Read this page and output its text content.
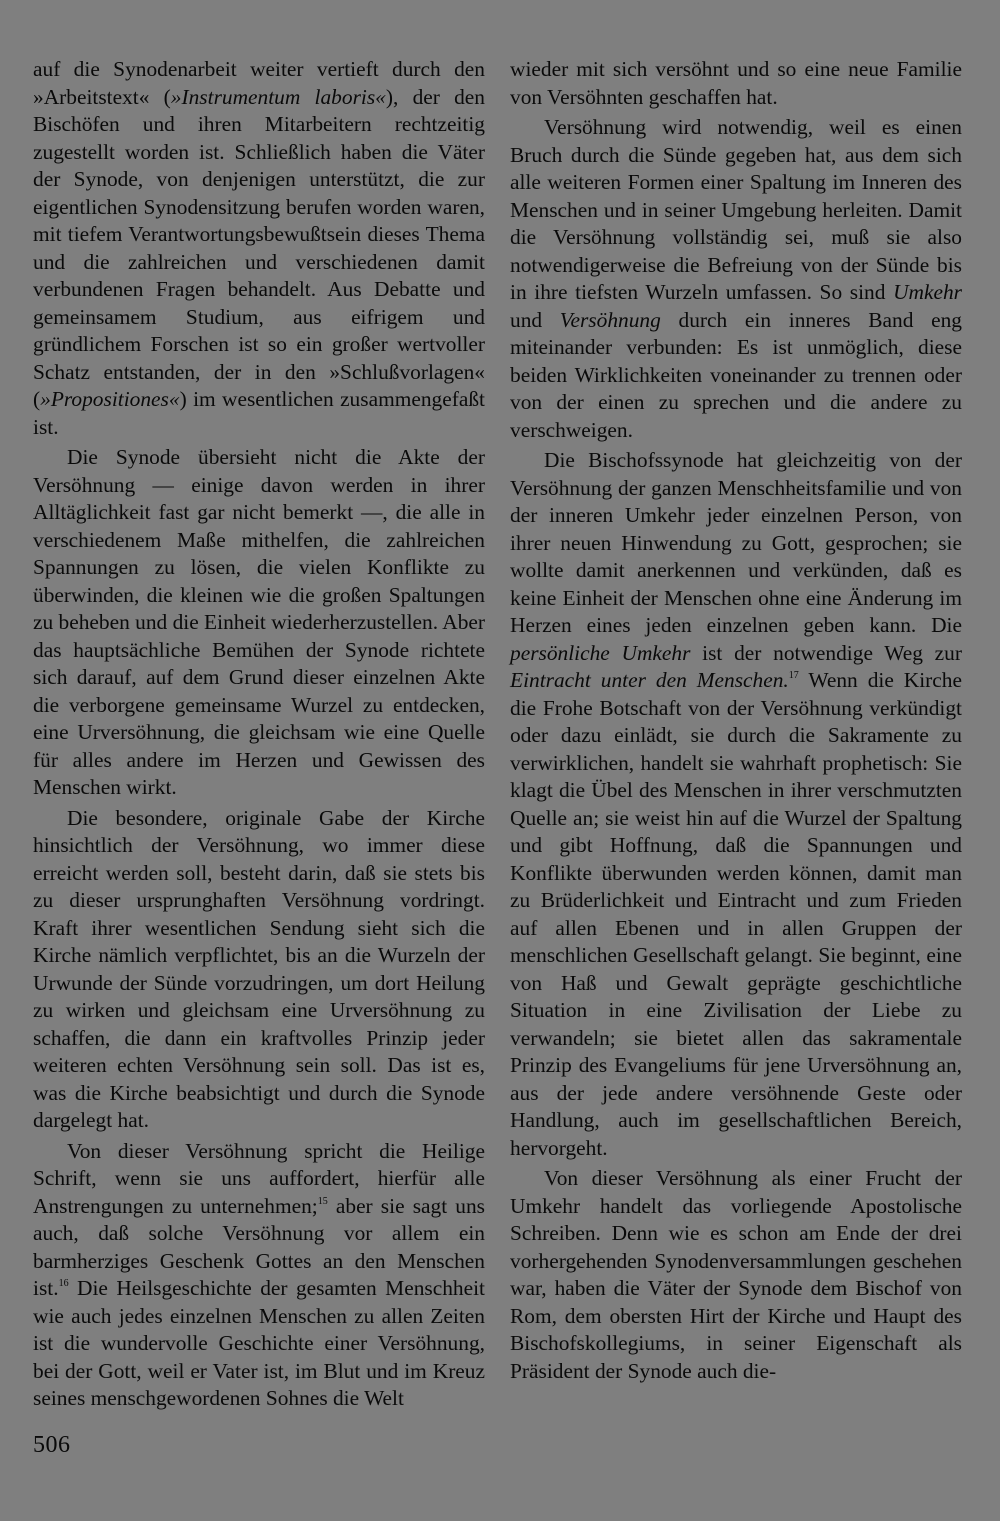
auf die Synodenarbeit weiter vertieft durch den »Arbeitstext« (»Instrumentum laboris«), der den Bischöfen und ihren Mitarbeitern rechtzeitig zugestellt worden ist. Schließlich haben die Väter der Synode, von denjenigen unterstützt, die zur eigentlichen Synodensitzung berufen worden waren, mit tiefem Verantwortungsbewußtsein dieses Thema und die zahlreichen und verschiedenen damit verbundenen Fragen behandelt. Aus Debatte und gemeinsamem Studium, aus eifrigem und gründlichem Forschen ist so ein großer wertvoller Schatz entstanden, der in den »Schlußvorlagen« (»Propositiones«) im wesentlichen zusammengefaßt ist.

Die Synode übersieht nicht die Akte der Versöhnung — einige davon werden in ihrer Alltäglichkeit fast gar nicht bemerkt —, die alle in verschiedenem Maße mithelfen, die zahlreichen Spannungen zu lösen, die vielen Konflikte zu überwinden, die kleinen wie die großen Spaltungen zu beheben und die Einheit wiederherzustellen. Aber das hauptsächliche Bemühen der Synode richtete sich darauf, auf dem Grund dieser einzelnen Akte die verborgene gemeinsame Wurzel zu entdecken, eine Urversöhnung, die gleichsam wie eine Quelle für alles andere im Herzen und Gewissen des Menschen wirkt.

Die besondere, originale Gabe der Kirche hinsichtlich der Versöhnung, wo immer diese erreicht werden soll, besteht darin, daß sie stets bis zu dieser ursprunghaften Versöhnung vordringt. Kraft ihrer wesentlichen Sendung sieht sich die Kirche nämlich verpflichtet, bis an die Wurzeln der Urwunde der Sünde vorzudringen, um dort Heilung zu wirken und gleichsam eine Urversöhnung zu schaffen, die dann ein kraftvolles Prinzip jeder weiteren echten Versöhnung sein soll. Das ist es, was die Kirche beabsichtigt und durch die Synode dargelegt hat.

Von dieser Versöhnung spricht die Heilige Schrift, wenn sie uns auffordert, hierfür alle Anstrengungen zu unternehmen;$^{15}$ aber sie sagt uns auch, daß solche Versöhnung vor allem ein barmherziges Geschenk Gottes an den Menschen ist.$^{16}$ Die Heilsgeschichte der gesamten Menschheit wie auch jedes einzelnen Menschen zu allen Zeiten ist die wundervolle Geschichte einer Versöhnung, bei der Gott, weil er Vater ist, im Blut und im Kreuz seines menschgewordenen Sohnes die Welt

wieder mit sich versöhnt und so eine neue Familie von Versöhnten geschaffen hat.

Versöhnung wird notwendig, weil es einen Bruch durch die Sünde gegeben hat, aus dem sich alle weiteren Formen einer Spaltung im Inneren des Menschen und in seiner Umgebung herleiten. Damit die Versöhnung vollständig sei, muß sie also notwendigerweise die Befreiung von der Sünde bis in ihre tiefsten Wurzeln umfassen. So sind Umkehr und Versöhnung durch ein inneres Band eng miteinander verbunden: Es ist unmöglich, diese beiden Wirklichkeiten voneinander zu trennen oder von der einen zu sprechen und die andere zu verschweigen.

Die Bischofssynode hat gleichzeitig von der Versöhnung der ganzen Menschheitsfamilie und von der inneren Umkehr jeder einzelnen Person, von ihrer neuen Hinwendung zu Gott, gesprochen; sie wollte damit anerkennen und verkünden, daß es keine Einheit der Menschen ohne eine Änderung im Herzen eines jeden einzelnen geben kann. Die persönliche Umkehr ist der notwendige Weg zur Eintracht unter den Menschen.$^{17}$ Wenn die Kirche die Frohe Botschaft von der Versöhnung verkündigt oder dazu einlädt, sie durch die Sakramente zu verwirklichen, handelt sie wahrhaft prophetisch: Sie klagt die Übel des Menschen in ihrer verschmutzten Quelle an; sie weist hin auf die Wurzel der Spaltung und gibt Hoffnung, daß die Spannungen und Konflikte überwunden werden können, damit man zu Brüderlichkeit und Eintracht und zum Frieden auf allen Ebenen und in allen Gruppen der menschlichen Gesellschaft gelangt. Sie beginnt, eine von Haß und Gewalt geprägte geschichtliche Situation in eine Zivilisation der Liebe zu verwandeln; sie bietet allen das sakramentale Prinzip des Evangeliums für jene Urversöhnung an, aus der jede andere versöhnende Geste oder Handlung, auch im gesellschaftlichen Bereich, hervorgeht.

Von dieser Versöhnung als einer Frucht der Umkehr handelt das vorliegende Apostolische Schreiben. Denn wie es schon am Ende der drei vorhergehenden Synodenversammlungen geschehen war, haben die Väter der Synode dem Bischof von Rom, dem obersten Hirt der Kirche und Haupt des Bischofskollegiums, in seiner Eigenschaft als Präsident der Synode auch die-

506
